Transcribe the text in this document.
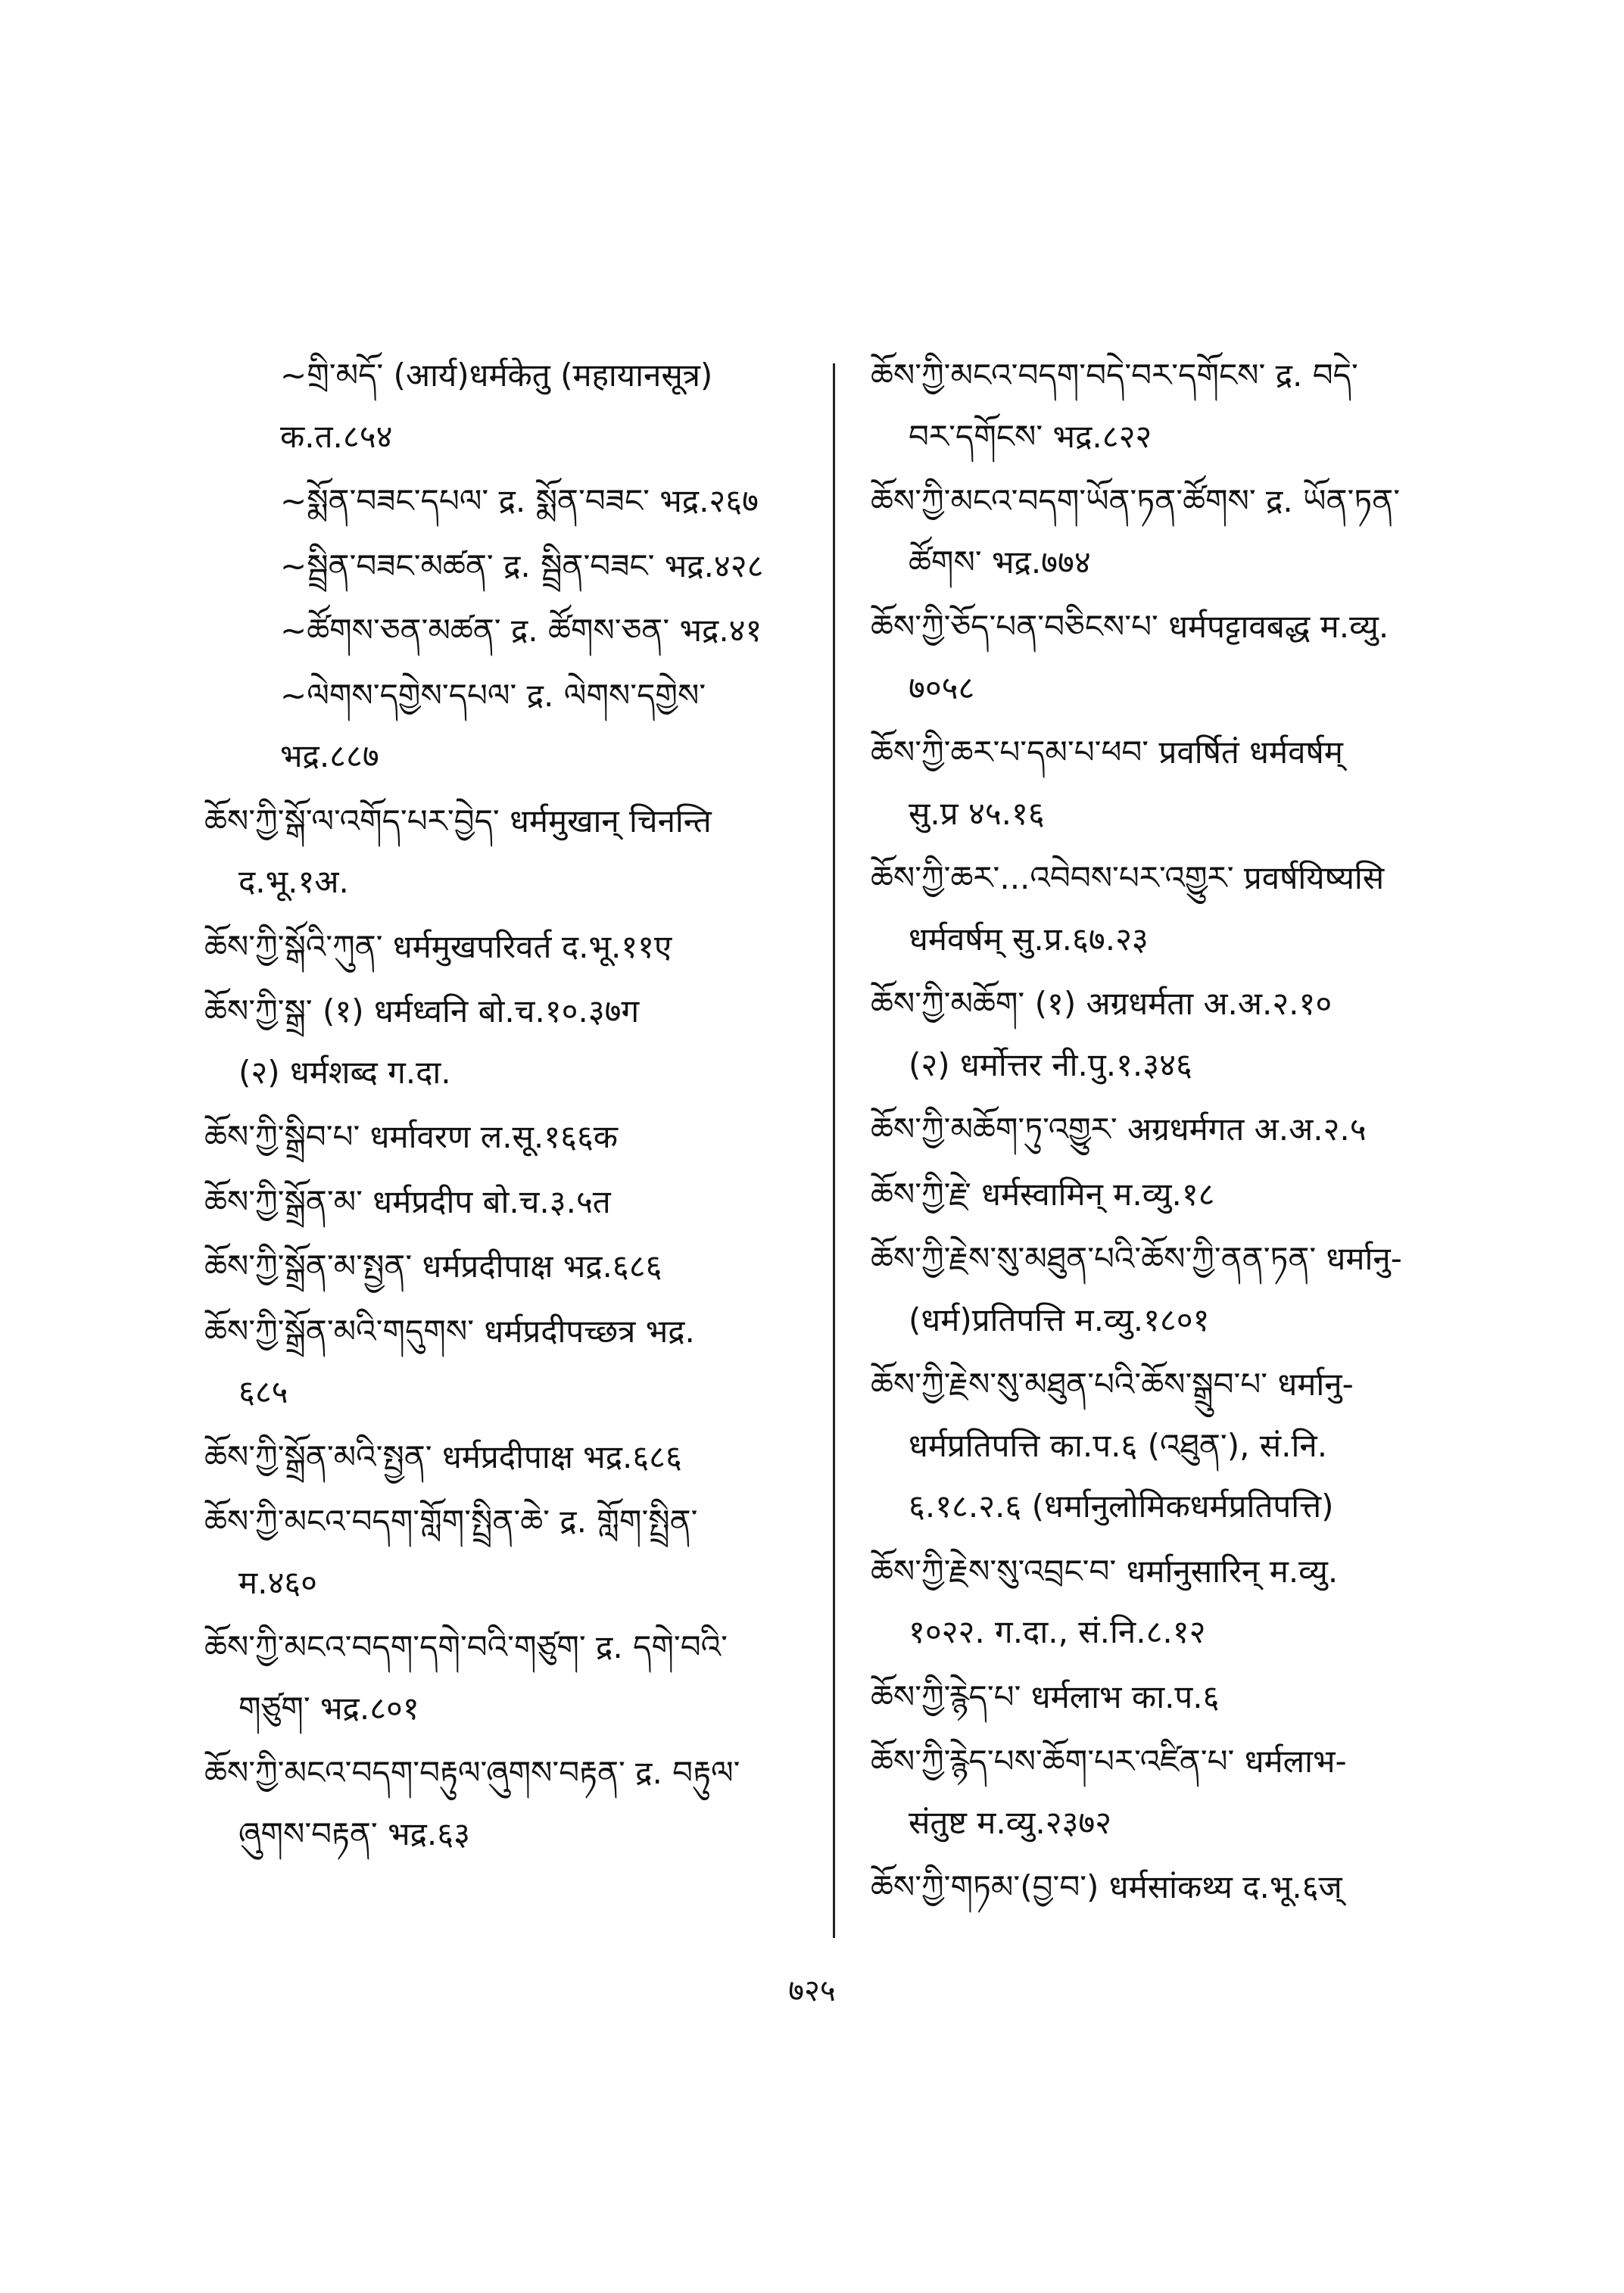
~གྲི་མདོ་ (आर्य)धर्मकेतु (महायानसूत्र)
क.त.८५४
~སྨོན་བཟང་དཔལ་ द्र. སྨོན་བཟང་ भद्र.२६७
~སྦྲིན་བཟང་མཚན་ द्र. སྦྲིན་བཟང་ भद्र.४२८
~ཚོགས་ཅན་མཚན་ द्र. ཚོགས་ཅན་ भद्र.४१
~ལེགས་དགྱེས་དཔལ་ द्र. ལེགས་དགྱེས་
भद्र.८८७
ཆོས་ཀྱི་སྒོ་ལ་འགོད་པར་བྱེད་ धर्ममुखान् चिनन्ति
द.भू.१अ.
ཆོས་ཀྱི་སྒོའི་ཀུན་ धर्ममुखपरिवर्त द.भू.११ए
ཆོས་ཀྱི་སྒྲ་ (१) धर्मध्वनि बो.च.१०.३७ग
(२) धर्मशब्द ग.दा.
ཆོས་ཀྱི་སྒྲིབ་པ་ धर्मावरण ल.सू.१६६क
ཆོས་ཀྱི་སྒྲོན་མ་ धर्मप्रदीप बो.च.३.५त
ཆོས་ཀྱི་སྒྲོན་མ་སྤྱན་ धर्मप्रदीपाक्ष भद्र.६८६
ཆོས་ཀྱི་སྒྲོན་མའི་གདུགས་ धर्मप्रदीपच्छत्र भद्र.
६८५
ཆོས་ཀྱི་སྒྲོན་མའི་སྤྱན་ धर्मप्रदीपाक्ष भद्र.६८६
ཆོས་ཀྱི་མངའ་བདག་གློག་སྤྲིན་ཆེ་ द्र. གློག་སྤྲིན་
म.४६०
ཆོས་ཀྱི་མངའ་བདག་དགེ་བའི་གཙུག་ द्र. དགེ་བའི་
གཙུག་ भद्र.८०१
ཆོས་ཀྱི་མངའ་བདག་བརྟུལ་ཞུགས་བརྟན་ द्र. བརྟུལ་
ཞུགས་བརྟན་ भद्र.६३
ཆོས་ཀྱི་མངའ་བདག་བདེ་བར་དགོངས་ द्र. བདེ་
བར་དགོངས་ भद्र.८२२
ཆོས་ཀྱི་མངའ་བདག་ཡོན་ཏན་ཚོགས་ द्र. ཡོན་ཏན་
ཚོགས་ भद्र.७७४
ཆོས་ཀྱི་ཅོད་པན་བཅིངས་པ་ धर्मपट्टावबद्ध म.व्यु.
७०५८
ཆོས་ཀྱི་ཆར་པ་དམ་པ་ཕབ་ प्रवर्षितं धर्मवर्षम्
सु.प्र ४५.१६
ཆོས་ཀྱི་ཆར་...འབེབས་པར་འགྱུར་ प्रवर्षयिष्यसि
धर्मवर्षम् सु.प्र.६७.२३
ཆོས་ཀྱི་མཆོག་ (१) अग्रधर्मता अ.अ.२.१०
(२) धर्मोत्तर नी.पु.१.३४६
ཆོས་ཀྱི་མཆོག་ཏུ་འགྱུར་ अग्रधर्मगत अ.अ.२.५
ཆོས་ཀྱི་རྗེ་ धर्मस्वामिन् म.व्यु.१८
ཆོས་ཀྱི་རྗེས་སུ་མཐུན་པའི་ཆོས་ཀྱི་ནན་ཏན་ धर्मानु-
(धर्म)प्रतिपत्ति म.व्यु.१८०१
ཆོས་ཀྱི་རྗེས་སུ་མཐུན་པའི་ཆོས་སྒྲུབ་པ་ धर्मानु-
धर्मप्रतिपत्ति का.प.६ (འཐུན་), सं.नि.
६.१८.२.६ (धर्मानुलोमिकधर्मप्रतिपत्ति)
ཆོས་ཀྱི་རྗེས་སུ་འབྲང་བ་ धर्मानुसारिन् म.व्यु.
१०२२. ग.दा., सं.नि.८.१२
ཆོས་ཀྱི་རྙེད་པ་ धर्मलाभ का.प.६
ཆོས་ཀྱི་རྙེད་པས་ཆོག་པར་འཛིན་པ་ धर्मलाभ-
संतुष्ट म.व्यु.२३७२
ཆོས་ཀྱི་གཏམ་(བྱ་བ་) धर्मसांकथ्य द.भू.६ज्
७२५
